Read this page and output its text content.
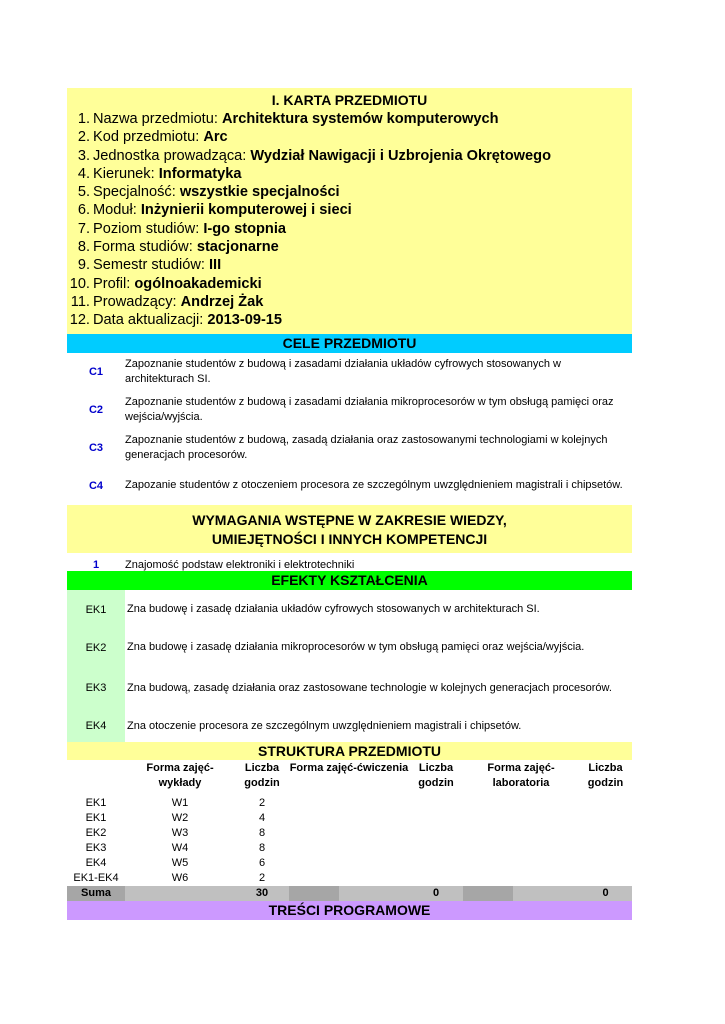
I. KARTA PRZEDMIOTU
1. Nazwa przedmiotu:
Architektura systemów komputerowych
2. Kod przedmiotu:
Arc
3. Jednostka prowadząca:
Wydział Nawigacji i Uzbrojenia Okrętowego
4. Kierunek:
Informatyka
5. Specjalność:
wszystkie specjalności
6. Moduł:
Inżynierii komputerowej i sieci
7. Poziom studiów:
I-go stopnia
8. Forma studiów:
stacjonarne
9. Semestr studiów:
III
10. Profil:
ogólnoakademicki
11. Prowadzący:
Andrzej Żak
12. Data aktualizacji:
2013-09-15
CELE PRZEDMIOTU
C1
Zapoznanie studentów z budową i zasadami działania układów cyfrowych stosowanych w architekturach SI.
C2
Zapoznanie studentów z budową i zasadami działania mikroprocesorów w tym obsługą pamięci oraz wejścia/wyjścia.
C3
Zapoznanie studentów z budową, zasadą działania oraz zastosowanymi technologiami w kolejnych generacjach procesorów.
C4	Zapozanie studentów z otoczeniem procesora ze szczególnym uwzględnieniem magistrali i chipsetów.
WYMAGANIA WSTĘPNE W ZAKRESIE WIEDZY,
UMIEJĘTNOŚCI I INNYCH KOMPETENCJI
1	Znajomość podstaw elektroniki i elektrotechniki
EFEKTY KSZTAŁCENIA
EK1	Zna budowę i zasadę działania układów cyfrowych stosowanych w architekturach SI.
EK2	Zna budowę i zasadę działania mikroprocesorów w tym obsługą pamięci oraz wejścia/wyjścia.
EK3	Zna budową, zasadę działania oraz zastosowane technologie w kolejnych generacjach procesorów.
EK4	Zna otoczenie procesora ze szczególnym uwzględnieniem magistrali i chipsetów.
STRUKTURA PRZEDMIOTU
Forma zajęć-wykłady
Liczba godzin
Forma zajęć-ćwiczenia Liczba godzin
Forma zajęć-laboratoria
Liczba godzin
EK1	W1	2
EK1	W2	4
EK2	W3	8
EK3	W4	8
EK4	W5	6
EK1-EK4	W6	2
Suma	30	0	0
TREŚCI PROGRAMOWE
